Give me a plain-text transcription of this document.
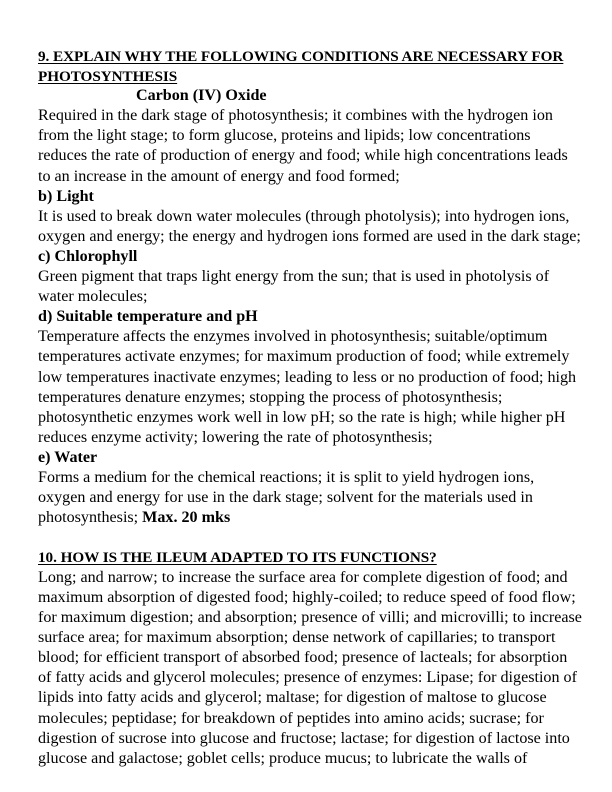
9. EXPLAIN WHY THE FOLLOWING CONDITIONS ARE NECESSARY FOR
PHOTOSYNTHESIS
Carbon (IV) Oxide
Required in the dark stage of photosynthesis; it combines with the hydrogen ion from the light stage; to form glucose, proteins and lipids; low concentrations reduces the rate of production of energy and food; while high concentrations leads to an increase in the amount of energy and food formed;
b) Light
It is used to break down water molecules (through photolysis); into hydrogen ions, oxygen and energy; the energy and hydrogen ions formed are used in the dark stage;
c) Chlorophyll
Green pigment that traps light energy from the sun; that is used in photolysis of water molecules;
d) Suitable temperature and pH
Temperature affects the enzymes involved in photosynthesis; suitable/optimum temperatures activate enzymes; for maximum production of food; while extremely low temperatures inactivate enzymes; leading to less or no production of food; high temperatures denature enzymes; stopping the process of photosynthesis; photosynthetic enzymes work well in low pH; so the rate is high; while higher pH reduces enzyme activity; lowering the rate of photosynthesis;
e) Water
Forms a medium for the chemical reactions; it is split to yield hydrogen ions, oxygen and energy for use in the dark stage; solvent for the materials used in photosynthesis; Max. 20 mks

10. HOW IS THE ILEUM ADAPTED TO ITS FUNCTIONS?
Long; and narrow; to increase the surface area for complete digestion of food; and maximum absorption of digested food; highly-coiled; to reduce speed of food flow; for maximum digestion; and absorption; presence of villi; and microvilli; to increase surface area; for maximum absorption; dense network of capillaries; to transport blood; for efficient transport of absorbed food; presence of lacteals; for absorption of fatty acids and glycerol molecules; presence of enzymes: Lipase; for digestion of lipids into fatty acids and glycerol; maltase; for digestion of maltose to glucose molecules; peptidase; for breakdown of peptides into amino acids; sucrase; for digestion of sucrose into glucose and fructose; lactase; for digestion of lactose into glucose and galactose; goblet cells; produce mucus; to lubricate the walls of
